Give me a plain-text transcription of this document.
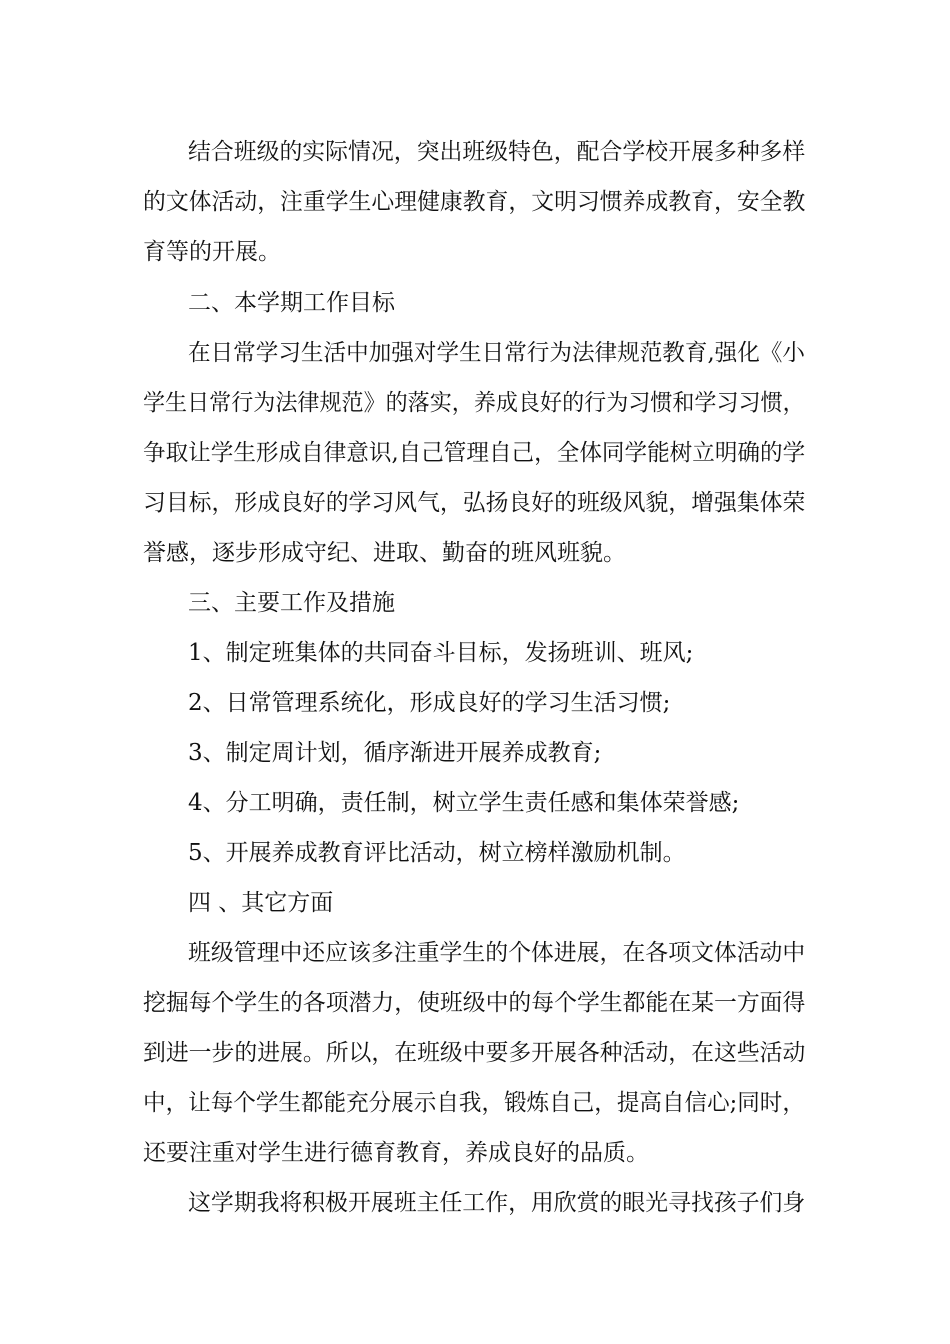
结合班级的实际情况，突出班级特色，配合学校开展多种多样
的文体活动，注重学生心理健康教育，文明习惯养成教育，安全教
育等的开展。
二、本学期工作目标
在日常学习生活中加强对学生日常行为法律规范教育,强化《小
学生日常行为法律规范》的落实，养成良好的行为习惯和学习习惯，
争取让学生形成自律意识,自己管理自己，全体同学能树立明确的学
习目标，形成良好的学习风气，弘扬良好的班级风貌，增强集体荣
誉感，逐步形成守纪、进取、勤奋的班风班貌。
三、主要工作及措施
1、制定班集体的共同奋斗目标，发扬班训、班风;
2、日常管理系统化，形成良好的学习生活习惯;
3、制定周计划，循序渐进开展养成教育;
4、分工明确，责任制，树立学生责任感和集体荣誉感;
5、开展养成教育评比活动，树立榜样激励机制。
四 、其它方面
班级管理中还应该多注重学生的个体进展，在各项文体活动中
挖掘每个学生的各项潜力，使班级中的每个学生都能在某一方面得
到进一步的进展。所以，在班级中要多开展各种活动，在这些活动
中，让每个学生都能充分展示自我，锻炼自己，提高自信心;同时，
还要注重对学生进行德育教育，养成良好的品质。
这学期我将积极开展班主任工作，用欣赏的眼光寻找孩子们身
